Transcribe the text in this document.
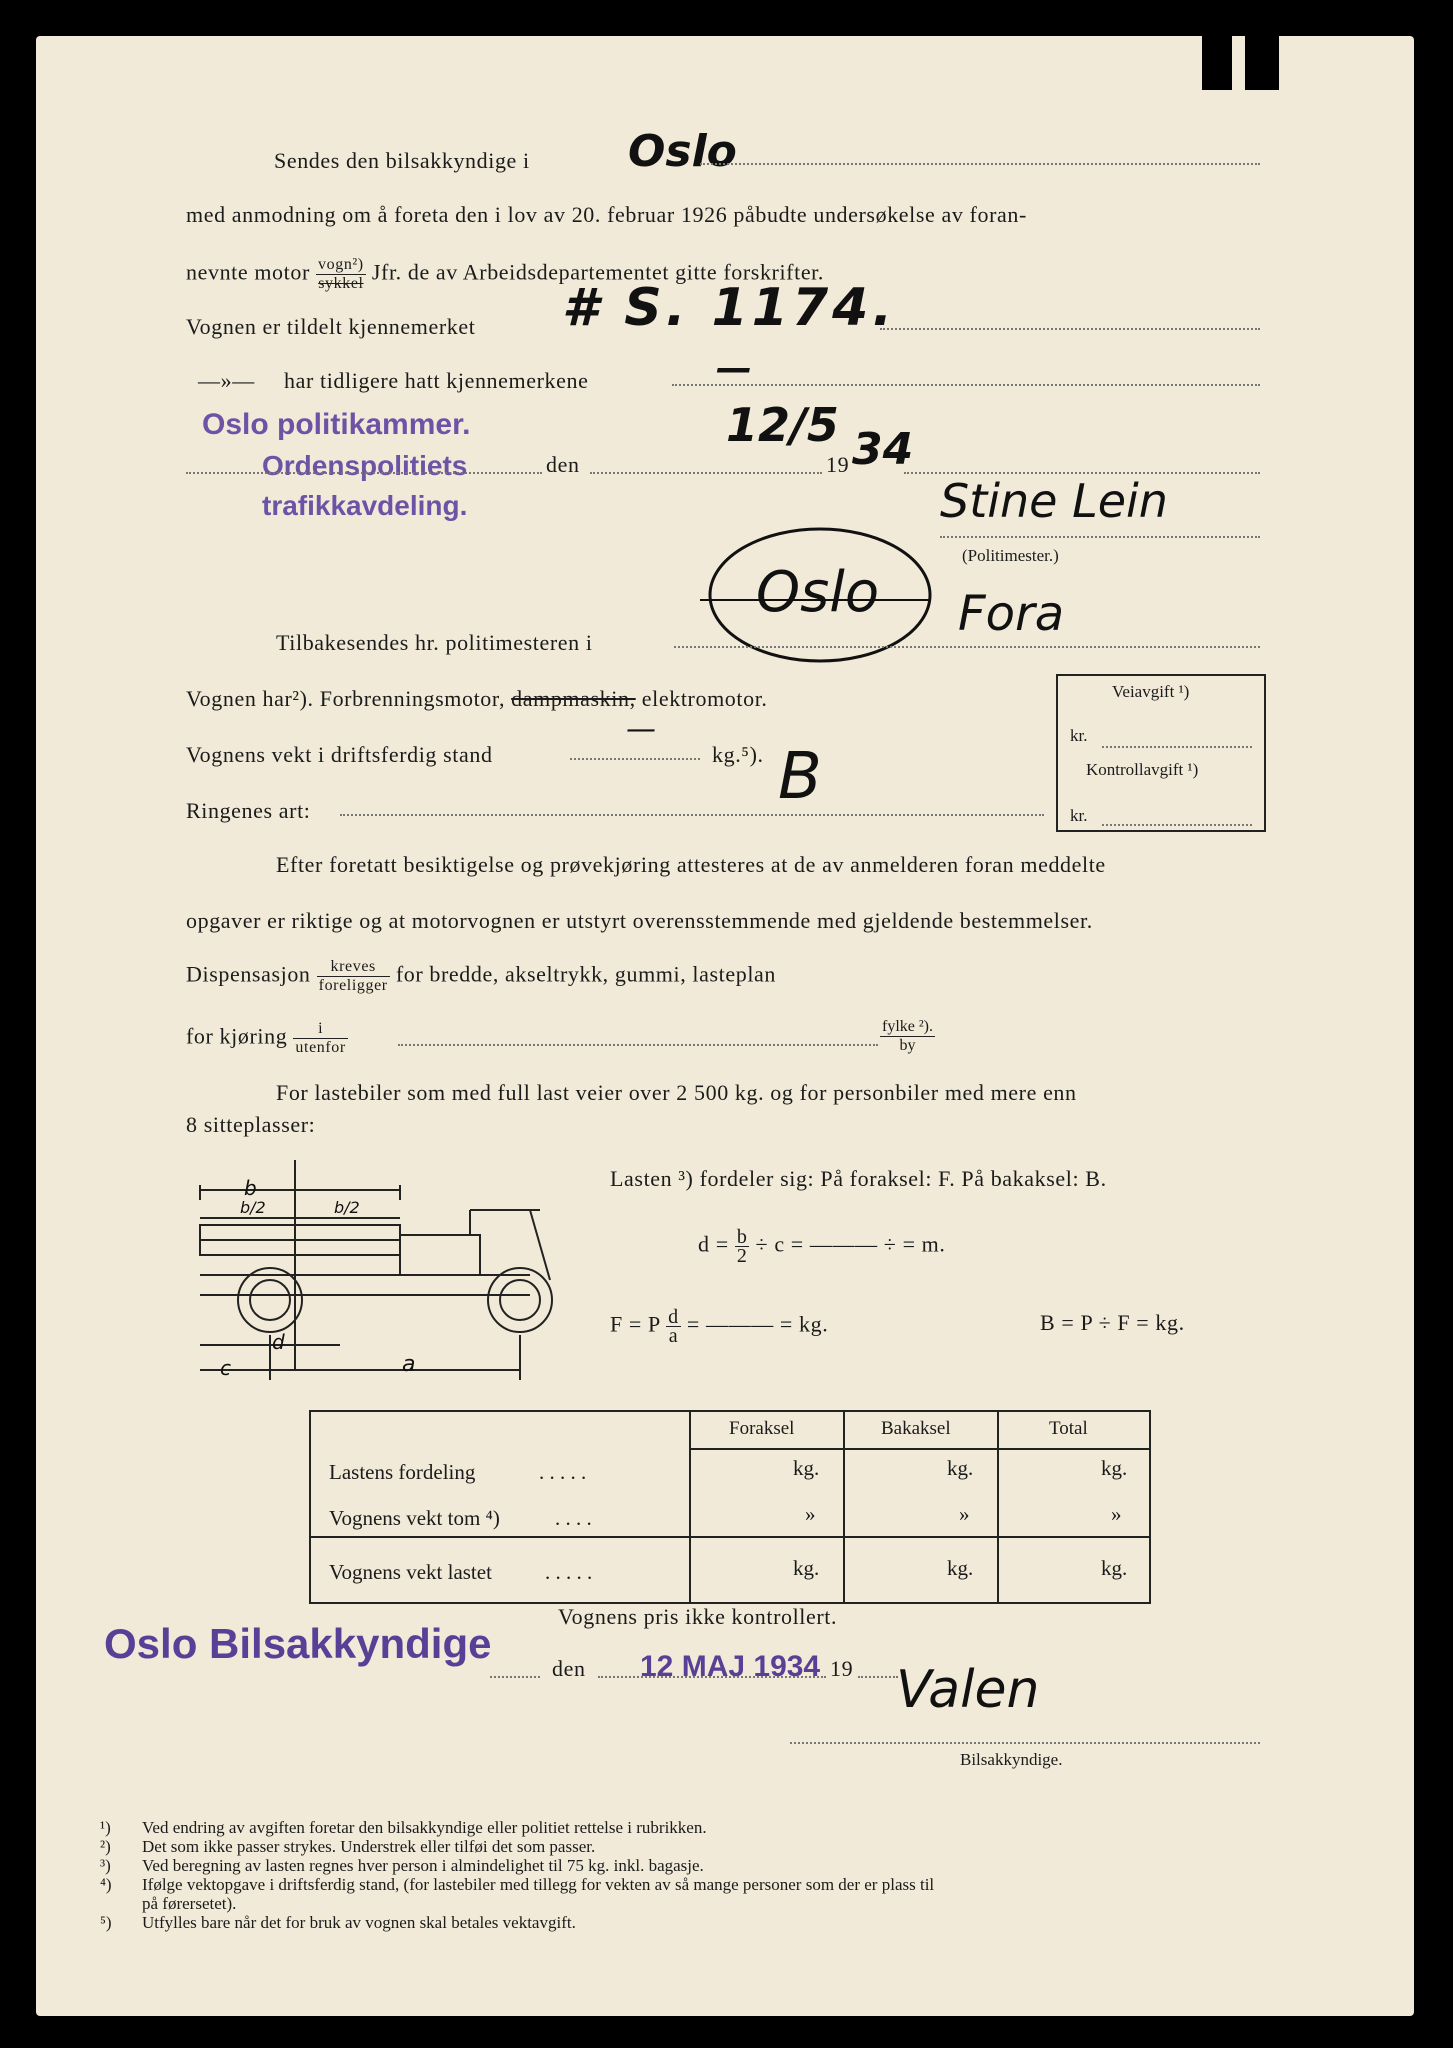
Sendes den bilsakkyndige i Oslo
med anmodning om å foreta den i lov av 20. februar 1926 påbudte undersøkelse av foran-
nevnte motor $\frac{\text{vogn²)}}{\text{sykkel}}$ Jfr. de av Arbeidsdepartementet gitte forskrifter.
Vognen er tildelt kjennemerket # S. 1174.
—»— har tidligere hatt kjennemerkene	—
Oslo politikammer.
Ordenspolitiets
trafikkavdeling.
den
12/5
19 34
Stine Lein
(Politimester.)
Oslo Fora
Tilbakesendes hr. politimesteren i
Vognen har²). Forbrenningsmotor, dampmaskin, elektromotor.
Vognens vekt i driftsferdig stand
—
kg.⁵). B
Ringenes art:
Veiavgift ¹)
kr.
Kontrollavgift ¹)
kr.
Efter foretatt besiktigelse og prøvekjøring attesteres at de av anmelderen foran meddelte
opgaver er riktige og at motorvognen er utstyrt overensstemmende med gjeldende bestemmelser.
Dispensasjon $\frac{\text{kreves}}{\text{foreligger}}$ for bredde, akseltrykk, gummi, lasteplan
for kjøring $\frac{i}{\text{utenfor}}$	$\frac{\text{fylke ²).}}{by}$
For lastebiler som med full last veier over 2 500 kg. og for personbiler med mere enn
8 sitteplasser:
b
b/2	b/2
d
c	a
Lasten ³) fordeler sig: På foraksel: F. På bakaksel: B.
$d = \frac{b}{2} \div c$ = ——— ÷ = m.
F = P $\frac{d}{a}$ = ——— = kg.	B = P ÷ F = kg.
Foraksel	Bakaksel	Total
Lastens fordeling	. . . . .	kg.	kg.	kg.
Vognens vekt tom ⁴)	. . . .	»	»	»
Vognens vekt lastet	. . . . .	kg.	kg.	kg.
Vognens pris ikke kontrollert.
Oslo Bilsakkyndige
den 12 MAJ 1934 19 Valen
Bilsakkyndige.
¹) Ved endring av avgiften foretar den bilsakkyndige eller politiet rettelse i rubrikken.
²) Det som ikke passer strykes. Understrek eller tilføi det som passer.
³) Ved beregning av lasten regnes hver person i almindelighet til 75 kg. inkl. bagasje.
⁴) Ifølge vektopgave i driftsferdig stand, (for lastebiler med tillegg for vekten av så mange personer som der er plass til
på førersetet).
⁵) Utfylles bare når det for bruk av vognen skal betales vektavgift.
